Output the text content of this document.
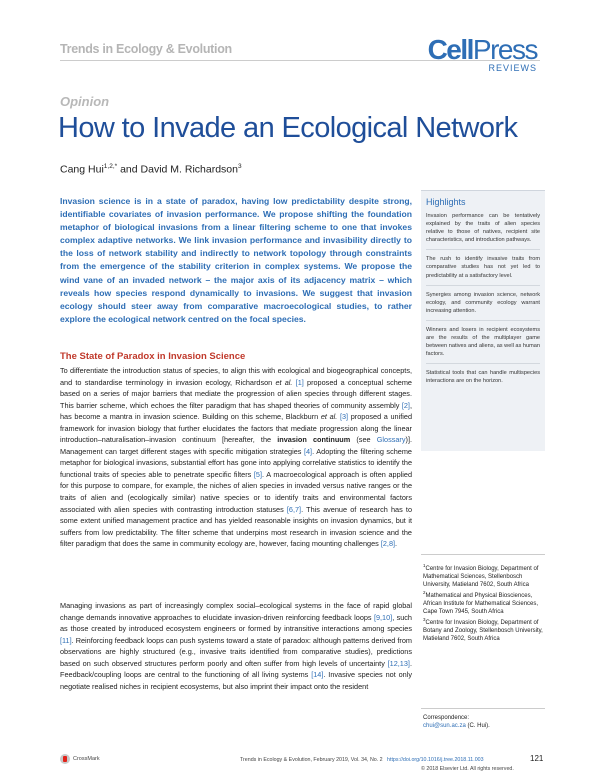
Trends in Ecology & Evolution	CellPress
REVIEWS
Opinion
How to Invade an Ecological Network
Cang Hui$^{1,2,*}$ and David M. Richardson$^3$
Invasion science is in a state of paradox, having low predictability despite strong, identifiable covariates of invasion performance. We propose shifting the foundation metaphor of biological invasions from a linear filtering scheme to one that invokes complex adaptive networks. We link invasion performance and invasibility directly to the loss of network stability and indirectly to network topology through constraints from the emergence of the stability criterion in complex systems. We propose the wind vane of an invaded network – the major axis of its adjacency matrix – which reveals how species respond dynamically to invasions. We suggest that invasion ecology should steer away from comparative macroecological studies, to rather explore the ecological network centred on the focal species.
The State of Paradox in Invasion Science
To differentiate the introduction status of species, to align this with ecological and biogeographical concepts, and to standardise terminology in invasion ecology, Richardson et al. [1] proposed a conceptual scheme based on a series of major barriers that mediate the progression of alien species through different stages. This barrier scheme, which echoes the filter paradigm that has shaped theories of community assembly [2], has become a mantra in invasion science. Building on this scheme, Blackburn et al. [3] proposed a unified framework for invasion biology that further elucidates the factors that mediate progression along the linear introduction–naturalisation–invasion continuum [hereafter, the invasion continuum (see Glossary)]. Management can target different stages with specific mitigation strategies [4]. Adopting the filtering scheme metaphor for biological invasions, substantial effort has gone into applying correlative statistics to identify the functional traits of species able to penetrate specific filters [5]. A macroecological approach is often applied for this purpose to compare, for example, the niches of alien species in invaded versus native ranges or the traits of alien and (ecologically similar) native species or to identify traits and environmental factors associated with alien species with contrasting introduction statuses [6,7]. This avenue of research has to some extent unified management practice and has yielded reasonable insights on invasion dynamics, but it suffers from low predictability. The filter scheme that underpins most research in invasion science and the filter paradigm that does the same in community ecology are, however, facing mounting challenges [2,8].
Managing invasions as part of increasingly complex social–ecological systems in the face of rapid global change demands innovative approaches to elucidate invasion-driven reinforcing feedback loops [9,10], such as those created by introduced ecosystem engineers or formed by intransitive interactions among species [11]. Reinforcing feedback loops can push systems toward a state of paradox: although patterns derived from observations are highly structured (e.g., invasive traits identified from comparative studies), predictions based on such observed structures perform poorly and often suffer from high levels of uncertainty [12,13]. Feedback/coupling loops are central to the functioning of all living systems [14]. Invasive species not only negotiate realised niches in recipient ecosystems, but also imprint their impact onto the resident
Highlights
Invasion performance can be tentatively explained by the traits of alien species relative to those of natives, recipient site characteristics, and introduction pathways.
The rush to identify invasive traits from comparative studies has not yet led to predictability at a satisfactory level.
Synergies among invasion science, network ecology, and community ecology warrant increasing attention.
Winners and losers in recipient ecosystems are the results of the multiplayer game between natives and aliens, as well as human factors.
Statistical tools that can handle multispecies interactions are on the horizon.
$^1$Centre for Invasion Biology, Department of Mathematical Sciences, Stellenbosch University, Matieland 7602, South Africa
$^2$Mathematical and Physical Biosciences, African Institute for Mathematical Sciences, Cape Town 7945, South Africa
$^3$Centre for Invasion Biology, Department of Botany and Zoology, Stellenbosch University, Matieland 7602, South Africa
Correspondence:
chui@sun.ac.za (C. Hui).
CrossMark	Trends in Ecology & Evolution, February 2019, Vol. 34, No. 2 https://doi.org/10.1016/j.tree.2018.11.003	121
© 2018 Elsevier Ltd. All rights reserved.
